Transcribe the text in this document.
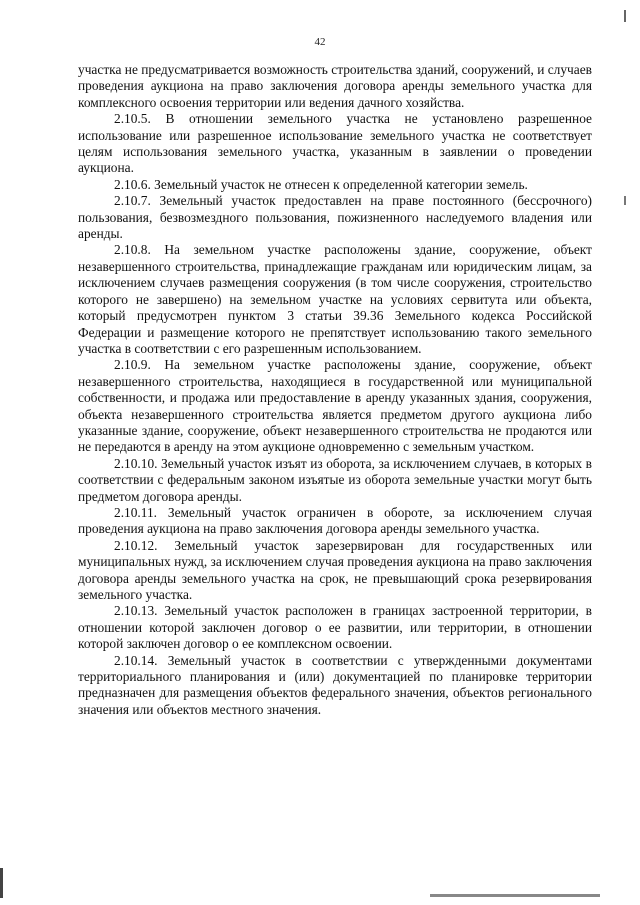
42

участка не предусматривается возможность строительства зданий, сооружений, и случаев проведения аукциона на право заключения договора аренды земельного участка для комплексного освоения территории или ведения дачного хозяйства.

2.10.5. В отношении земельного участка не установлено разрешенное использование или разрешенное использование земельного участка не соответствует целям использования земельного участка, указанным в заявлении о проведении аукциона.

2.10.6. Земельный участок не отнесен к определенной категории земель.

2.10.7. Земельный участок предоставлен на праве постоянного (бессрочного) пользования, безвозмездного пользования, пожизненного наследуемого владения или аренды.

2.10.8. На земельном участке расположены здание, сооружение, объект незавершенного строительства, принадлежащие гражданам или юридическим лицам, за исключением случаев размещения сооружения (в том числе сооружения, строительство которого не завершено) на земельном участке на условиях сервитута или объекта, который предусмотрен пунктом 3 статьи 39.36 Земельного кодекса Российской Федерации и размещение которого не препятствует использованию такого земельного участка в соответствии с его разрешенным использованием.

2.10.9. На земельном участке расположены здание, сооружение, объект незавершенного строительства, находящиеся в государственной или муниципальной собственности, и продажа или предоставление в аренду указанных здания, сооружения, объекта незавершенного строительства является предметом другого аукциона либо указанные здание, сооружение, объект незавершенного строительства не продаются или не передаются в аренду на этом аукционе одновременно с земельным участком.

2.10.10. Земельный участок изъят из оборота, за исключением случаев, в которых в соответствии с федеральным законом изъятые из оборота земельные участки могут быть предметом договора аренды.

2.10.11. Земельный участок ограничен в обороте, за исключением случая проведения аукциона на право заключения договора аренды земельного участка.

2.10.12. Земельный участок зарезервирован для государственных или муниципальных нужд, за исключением случая проведения аукциона на право заключения договора аренды земельного участка на срок, не превышающий срока резервирования земельного участка.

2.10.13. Земельный участок расположен в границах застроенной территории, в отношении которой заключен договор о ее развитии, или территории, в отношении которой заключен договор о ее комплексном освоении.

2.10.14. Земельный участок в соответствии с утвержденными документами территориального планирования и (или) документацией по планировке территории предназначен для размещения объектов федерального значения, объектов регионального значения или объектов местного значения.
